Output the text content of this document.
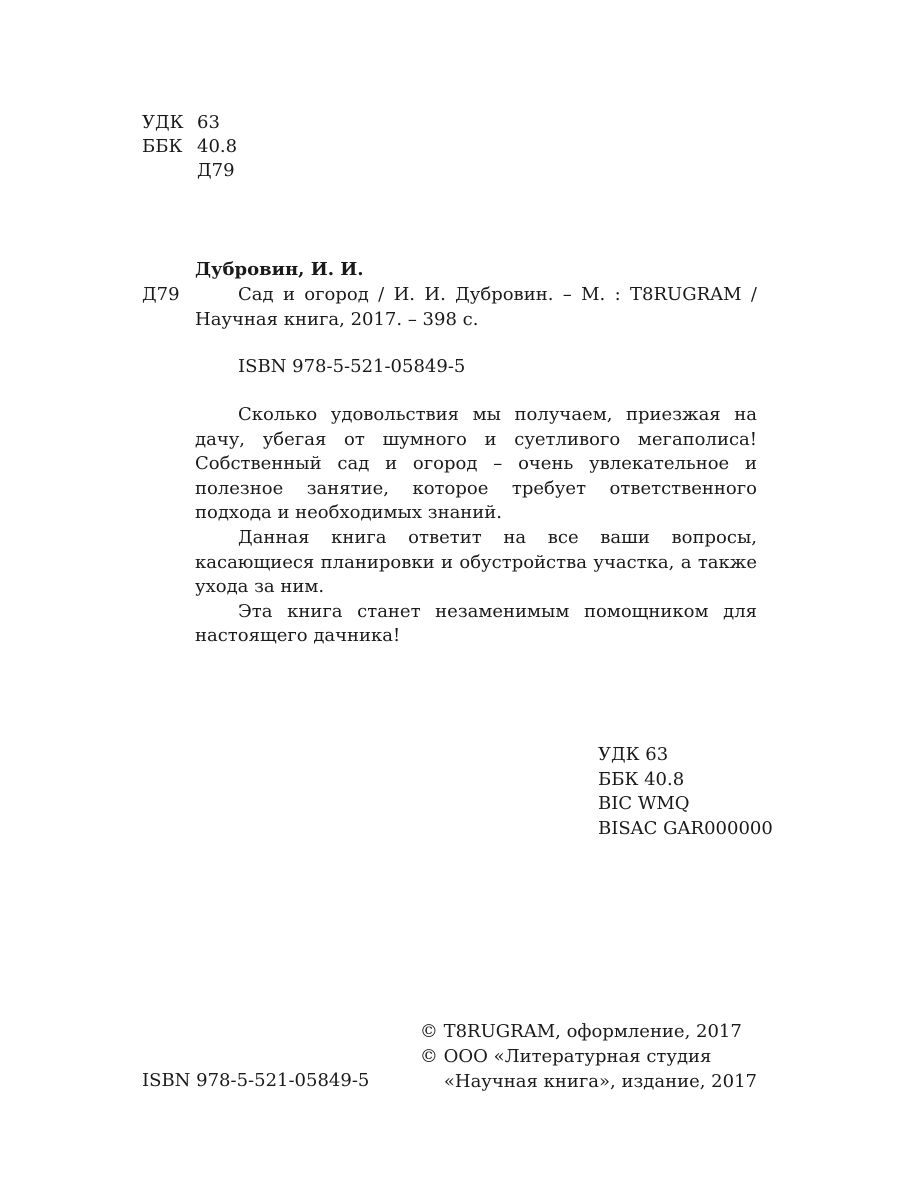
УДК 63
ББК 40.8
Д79
Дубровин, И. И.
Д79	Сад и огород / И. И. Дубровин. – М. : T8RUGRAM / Научная книга, 2017. – 398 с.
ISBN 978-5-521-05849-5

Сколько удовольствия мы получаем, приезжая на дачу, убегая от шумного и суетливого мегаполиса! Собственный сад и огород – очень увлекательное и полезное занятие, которое требует ответственного подхода и необходимых знаний.

Данная книга ответит на все ваши вопросы, касающиеся планировки и обустройства участка, а также ухода за ним.

Эта книга станет незаменимым помощником для настоящего дачника!

УДК 63
ББК 40.8
BIC WMQ
BISAC GAR000000
ISBN 978-5-521-05849-5
© T8RUGRAM, оформление, 2017
© ООО «Литературная студия
«Научная книга», издание, 2017
